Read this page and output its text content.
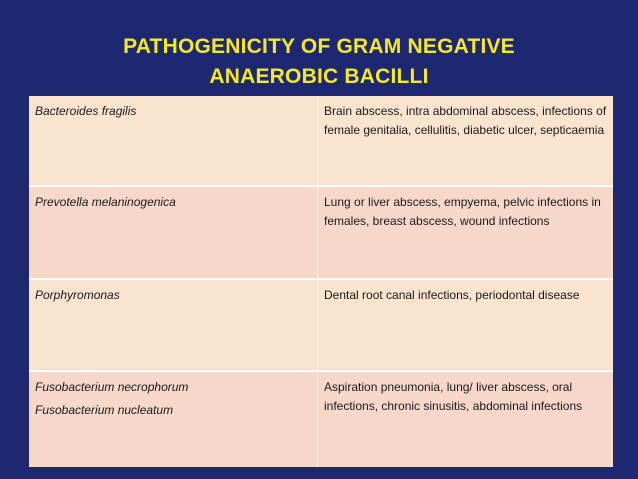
PATHOGENICITY OF GRAM NEGATIVE
ANAEROBIC BACILLI
Bacteroides fragilis	Brain abscess, intra abdominal abscess, infections of female genitalia, cellulitis, diabetic ulcer, septicaemia

Prevotella melaninogenica	Lung or liver abscess, empyema, pelvic infections in females, breast abscess, wound infections

Porphyromonas	Dental root canal infections, periodontal disease

Fusobacterium necrophorum
Fusobacterium nucleatum	Aspiration pneumonia, lung/ liver abscess, oral infections, chronic sinusitis, abdominal infections
